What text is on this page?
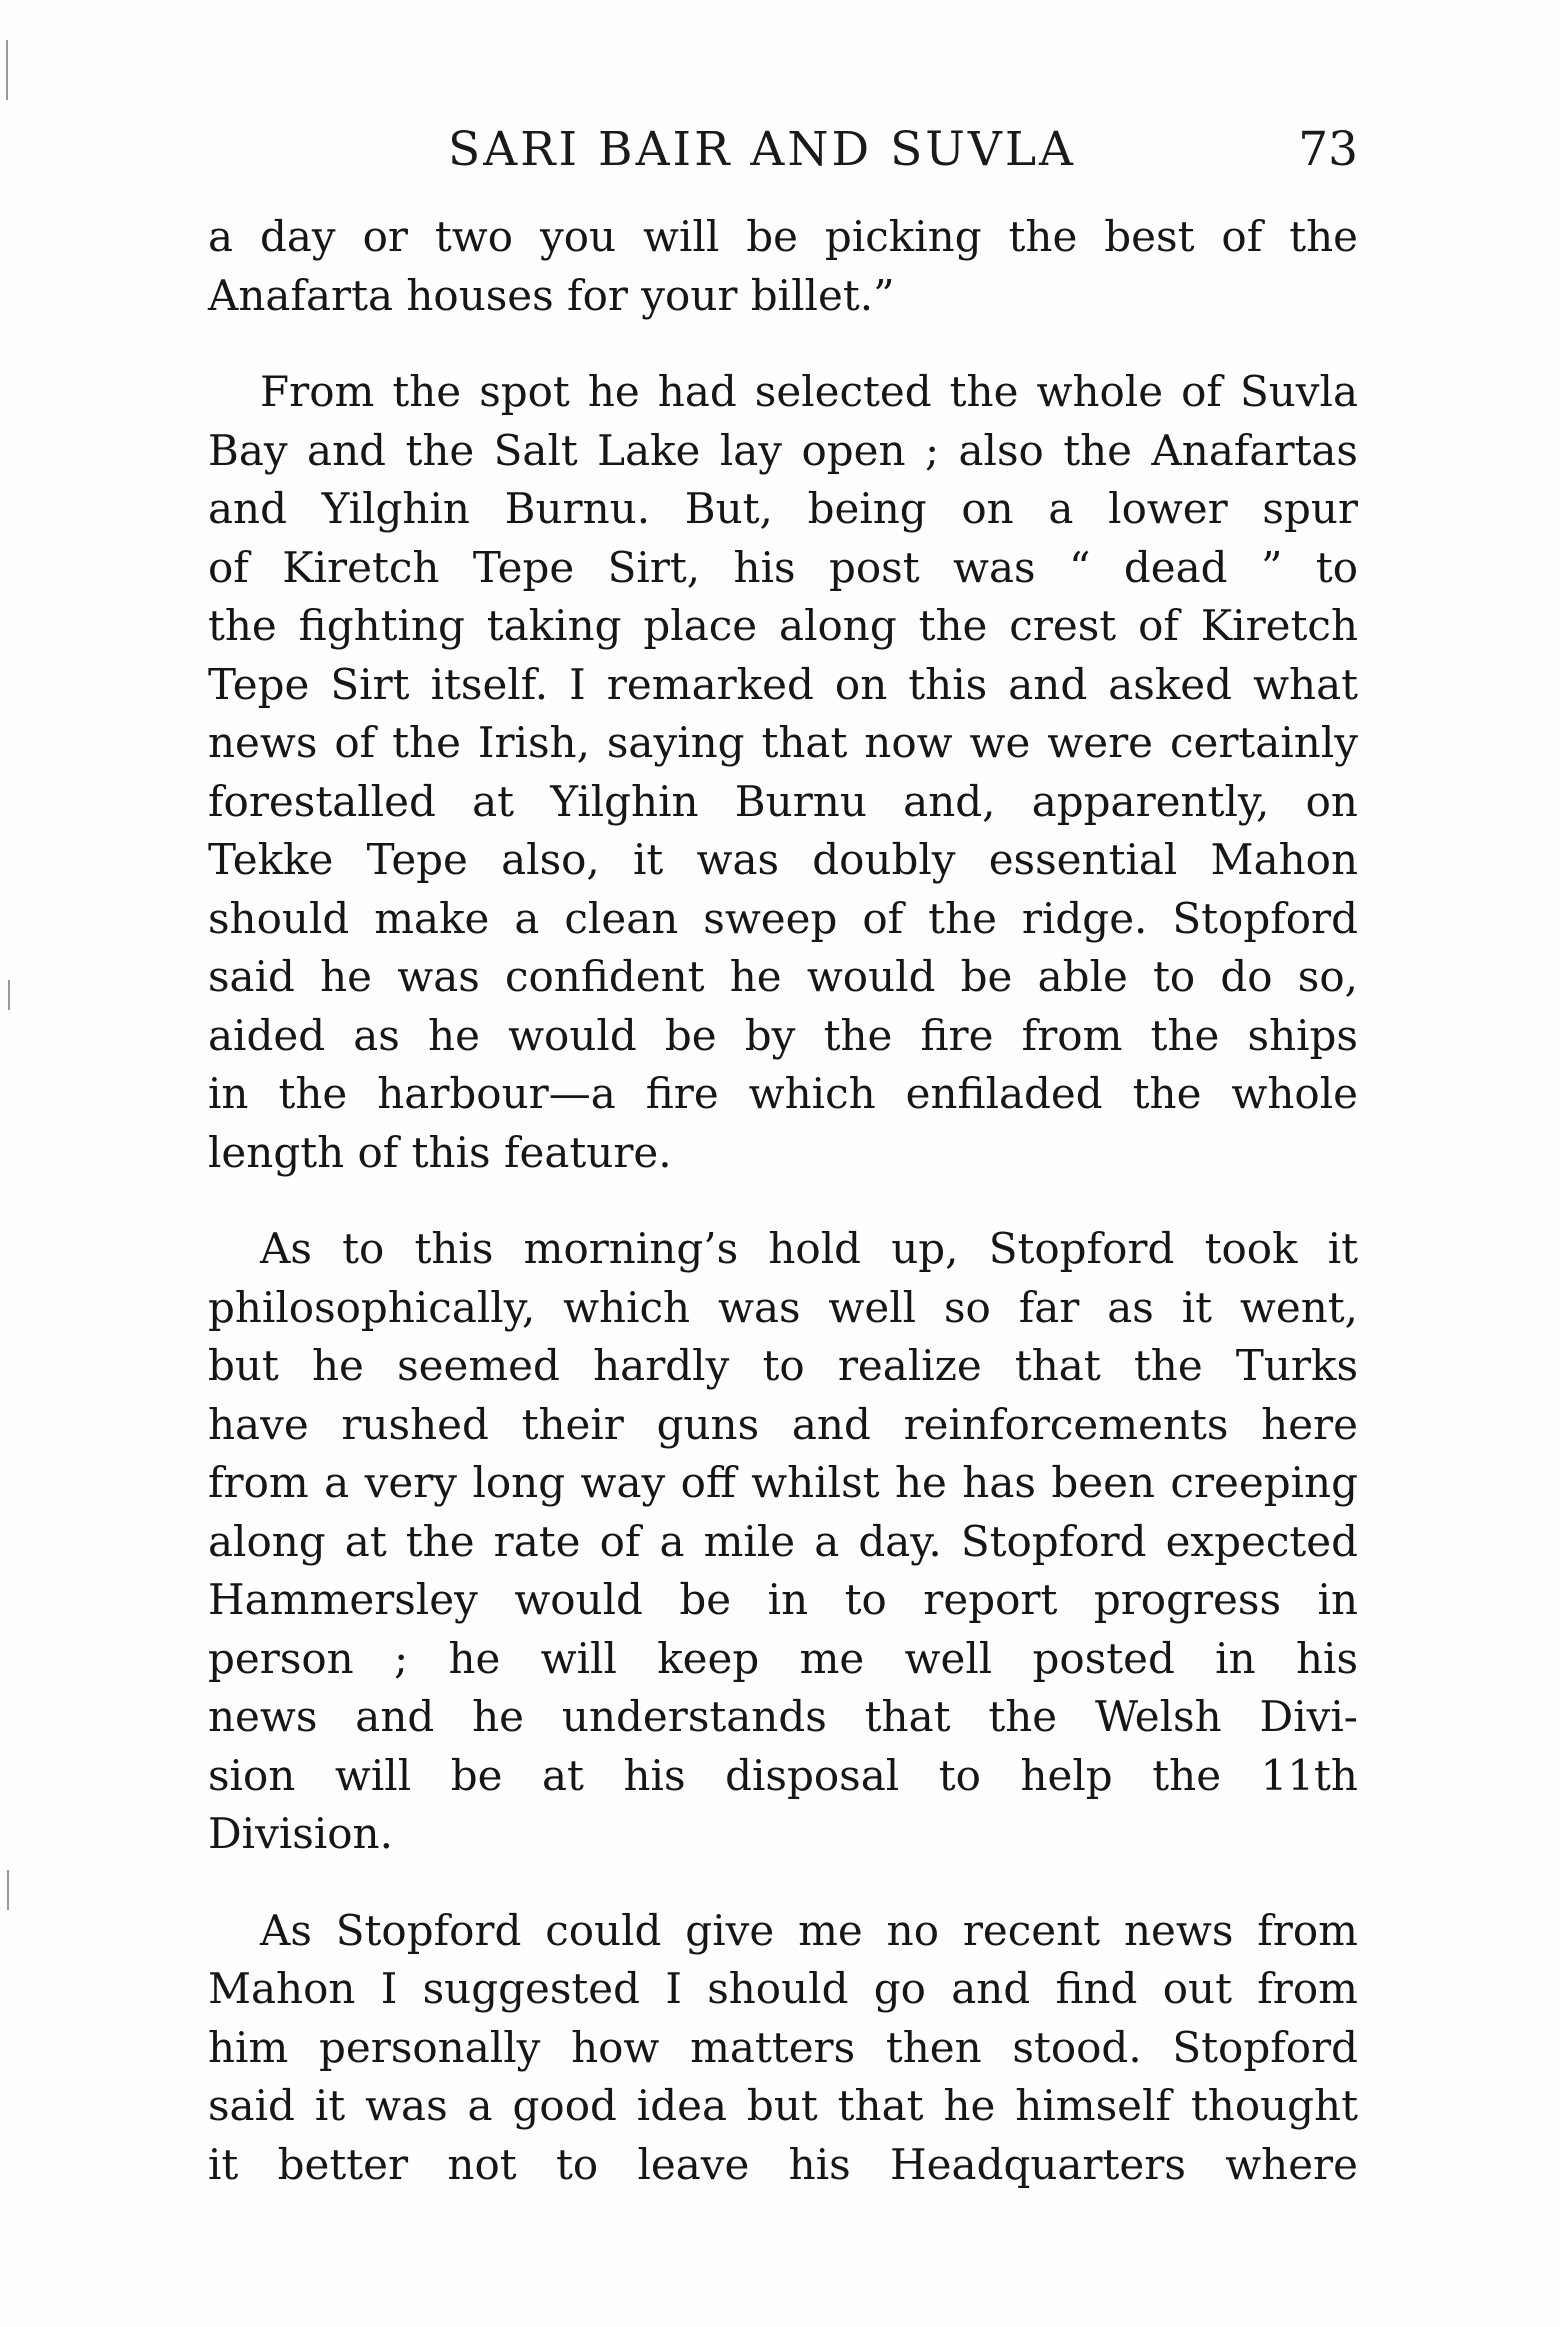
SARI BAIR AND SUVLA	73

a day or two you will be picking the best of the
Anafarta houses for your billet.”

From the spot he had selected the whole of Suvla
Bay and the Salt Lake lay open ; also the Anafartas
and Yilghin Burnu. But, being on a lower spur
of Kiretch Tepe Sirt, his post was “ dead ” to
the fighting taking place along the crest of Kiretch
Tepe Sirt itself. I remarked on this and asked what
news of the Irish, saying that now we were certainly
forestalled at Yilghin Burnu and, apparently, on
Tekke Tepe also, it was doubly essential Mahon
should make a clean sweep of the ridge. Stopford
said he was confident he would be able to do so,
aided as he would be by the fire from the ships
in the harbour—a fire which enfiladed the whole
length of this feature.

As to this morning’s hold up, Stopford took it
philosophically, which was well so far as it went,
but he seemed hardly to realize that the Turks
have rushed their guns and reinforcements here
from a very long way off whilst he has been creeping
along at the rate of a mile a day. Stopford expected
Hammersley would be in to report progress in
person ; he will keep me well posted in his
news and he understands that the Welsh Divi-
sion will be at his disposal to help the 11th
Division.

As Stopford could give me no recent news from
Mahon I suggested I should go and find out from
him personally how matters then stood. Stopford
said it was a good idea but that he himself thought
it better not to leave his Headquarters where
